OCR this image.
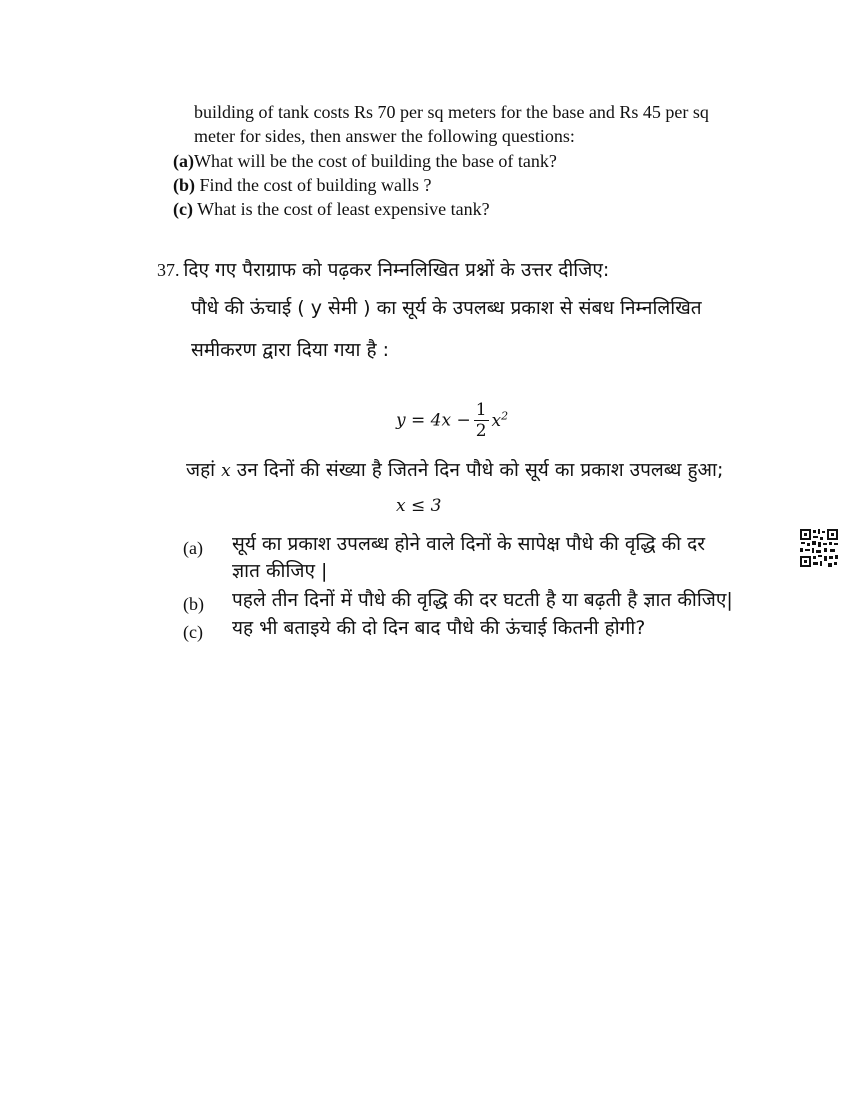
building of tank costs Rs 70 per sq meters for the base and Rs 45 per sq
meter for sides, then answer the following questions:
(a)What will be the cost of building the base of tank?
(b) Find the cost of building walls ?
(c) What is the cost of least expensive tank?
37. दिए गए पैराग्राफ को पढ़कर निम्नलिखित प्रश्नों के उत्तर दीजिए:
पौधे की ऊंचाई ( y सेमी ) का सूर्य के उपलब्ध प्रकाश से संबध निम्नलिखित
समीकरण द्वारा दिया गया है :
$y = 4x - \frac{1}{2} x^2$
जहां x उन दिनों की संख्या है जितने दिन पौधे को सूर्य का प्रकाश उपलब्ध हुआ;
x ≤ 3
(a) सूर्य का प्रकाश उपलब्ध होने वाले दिनों के सापेक्ष पौधे की वृद्धि की दर
ज्ञात कीजिए |
(b) पहले तीन दिनों में पौधे की वृद्धि की दर घटती है या बढ़ती है ज्ञात कीजिए|
(c) यह भी बताइये की दो दिन बाद पौधे की ऊंचाई कितनी होगी?
